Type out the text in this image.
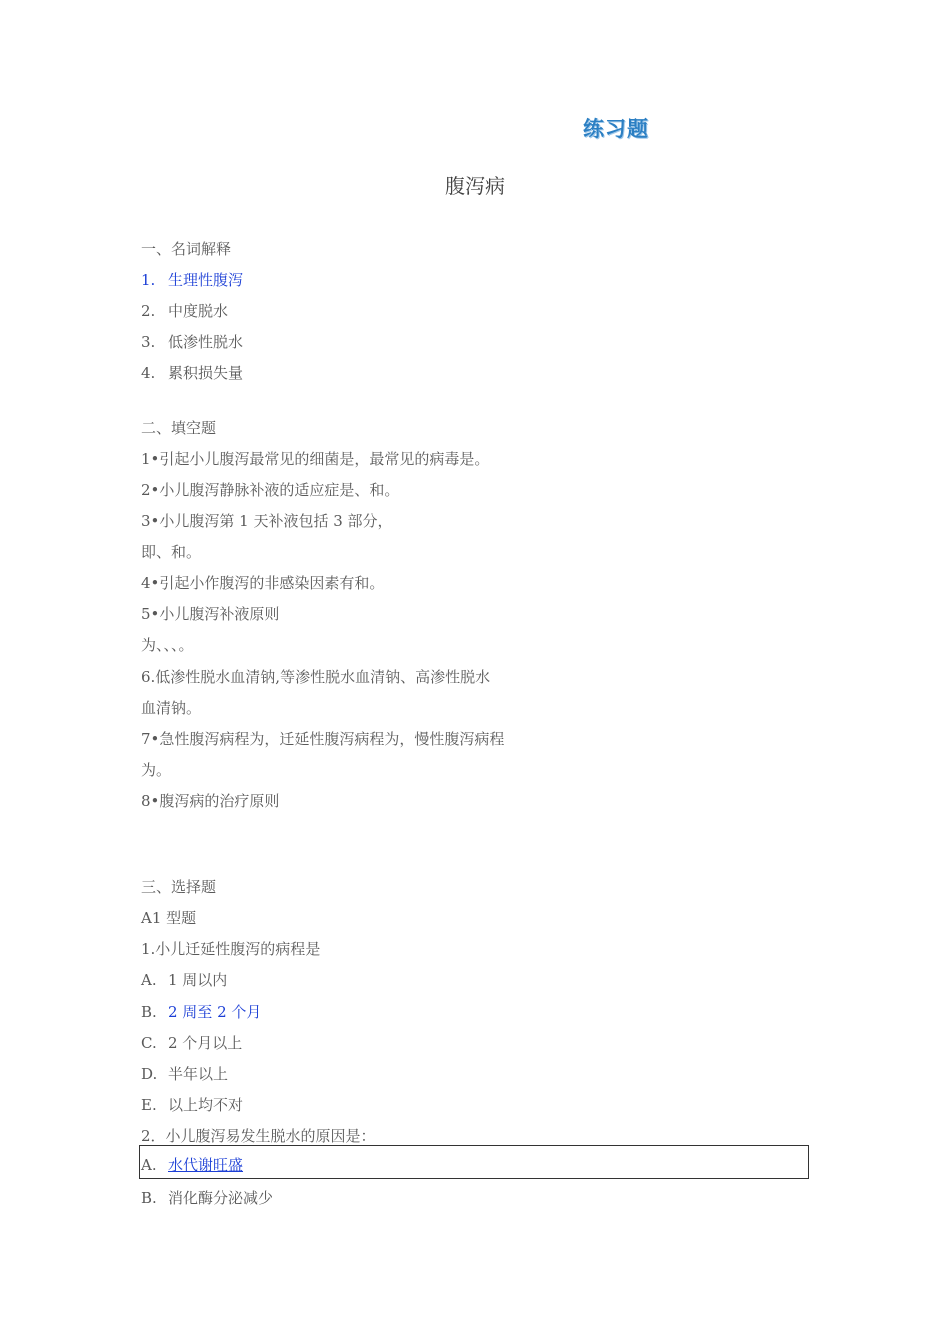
练习题
腹泻病
一、名词解释
1. 生理性腹泻
2. 中度脱水
3. 低渗性脱水
4. 累积损失量
二、填空题
1•引起小儿腹泻最常见的细菌是，最常见的病毒是。
2•小儿腹泻静脉补液的适应症是、和。
3•小儿腹泻第 1 天补液包括 3 部分，
即、和。
4•引起小作腹泻的非感染因素有和。
5•小儿腹泻补液原则
为、、、。
6.低渗性脱水血清钠,等渗性脱水血清钠、高渗性脱水
血清钠。
7•急性腹泻病程为，迁延性腹泻病程为，慢性腹泻病程
为。
8•腹泻病的治疗原则
三、选择题
A1 型题
1.小儿迁延性腹泻的病程是
A. 1 周以内
B. 2 周至 2 个月
C. 2 个月以上
D. 半年以上
E. 以上均不对
2．小儿腹泻易发生脱水的原因是：
A. 水代谢旺盛
B. 消化酶分泌减少
